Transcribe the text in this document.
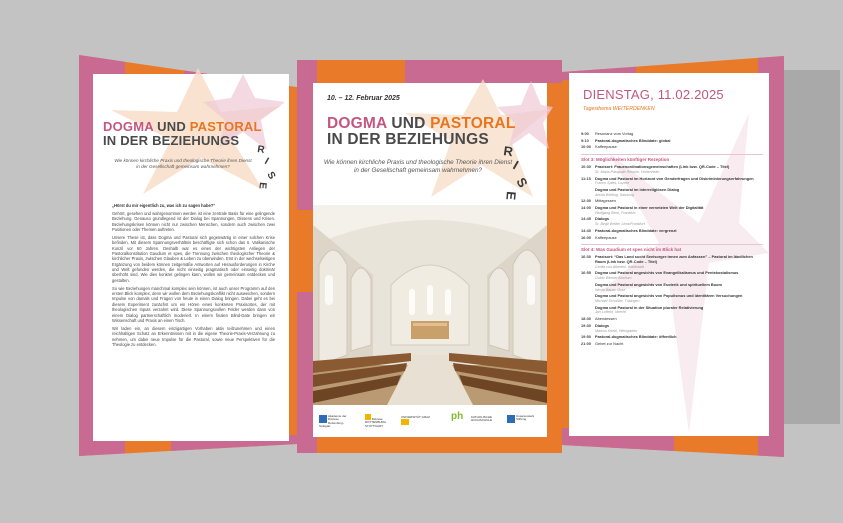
DOGMA UND PASTORAL
IN DER BEZIEHUNGS
R
I
S
E
Wie können kirchliche Praxis und theologische Theorie ihren Dienst in der Gesellschaft gemeinsam wahrnehmen?

„Hörst du mir eigentlich zu, was ich zu sagen habe?“

Gehört, gesehen und wahrgenommen werden ist eine zentrale Basis für eine gelingende Beziehung. Genauso grundlegend ist der Dialog bei Spannungen, Dissens und Krisen. Beziehungskrisen können nicht nur zwischen Menschen, sondern auch zwischen zwei Positionen oder Themen auftreten.

Unsere These ist, dass Dogma und Pastoral sich gegenwärtig in einer solchen Krise befinden. Mit diesem Spannungsverhältnis beschäftigte sich schon das II. Vatikanische Konzil vor 60 Jahren. Deshalb war es eines der wichtigsten Anliegen der Pastoralkonstitution Gaudium et spes, die Trennung zwischen theologischer Theorie & kirchlicher Praxis, zwischen Glauben & Leben zu überwinden. Erst in der wechselseitigen Ergänzung von beidem können zeitgemäße Antworten auf Herausforderungen in Kirche und Welt gefunden werden, die nicht einseitig pragmatisch oder einseitig doktrinär überhöht sind. Wie dies konkret gelingen kann, wollen wir gemeinsam entdecken und gestalten.

So wie Beziehungen manchmal komplex sein können, ist auch unser Programm auf den ersten Blick komplex, denn wir wollen dem Beziehungskonflikt nicht ausweichen, sondern Impulse von damals und Fragen von heute in einen Dialog bringen. Dabei geht es bei diesem Experiment zunächst um ein Hören eines konkreten Praxisortes, der mit theologischen Inputs verzahnt wird. Diese Spannungsvollen Felder werden dann von einem Dialog partnerschaftlich moderiert. In einem finalen Blind-Date bringen wir Wissenschaft und Praxis an einen Tisch.

Wir laden ein, an diesem einzigartigen Vorhaben aktiv teilzunehmen und einen reichhaltigen Schatz an Erkenntnissen mit in die eigene Theorie-Praxis-Verzahnung zu nehmen, um dabei neue Impulse für die Pastoral, sowie neue Perspektiven für die Theologie zu entdecken.

10. – 12. Februar 2025
DOGMA UND PASTORAL
IN DER BEZIEHUNGS
R
I
S
E
Wie können kirchliche Praxis und theologische Theorie ihren Dienst in der Gesellschaft gemeinsam wahrnehmen?
Akademie der Diözese Rottenburg-Stuttgart
Diözese ROTTENBURG STUTTGART
UNIVERSITÄT GRAZ ph	KATHOLISCHE HOCHSCHULE
Cusanuswerk Stiftung
DIENSTAG, 11.02.2025
Tagesthema WEITERDENKEN
9:00	Resonanz vom Vortag
9:10	Pastoral-dogmatisches Blinddate: global
10:00	Kaffeepause
Slot 3: Möglichkeiten künftiger Rezeption
10:30	Praxisort: Frauenordinationsgemeinschaften (Link bzw. QR-Code – Titel)
Sr. Maria-Pasquale Reunke, Hohenheim
11:15	Dogma und Pastoral im Horizont von Genderfragen und Diskriminierungserfahrungen
Franco Spies, Luzern
Dogma und Pastoral im interreligiösen Dialog
Alexia Wirtling, Salzburg
12:30	Mittagessen
14:00	Dogma und Pastoral in einer vernetzten Welt der Digitalität
Wolfgang Beck, Frankfurt
14:45	Dialogs
Sr. Birgit Weiler, Lima/Frankfurt
14:40	Pastoral-dogmatisches Blinddate: vergrenzt
16:00	Kaffeepause
Slot 4: Was Gaudium et spes nicht im Blick hat
16:30	Praxisort: “Das Land sucht Seelsorger:innen zum Anfassen” – Pastoral im ländlichen Raum (Link bzw. QR-Code – Titel)
Cerilia von Albertini, Waldstadt
16:55	Dogma und Pastoral angesichts von Evangelikalismus und Pentekostalismus
Guido Werner Bochum
Dogma und Pastoral angesichts von Esoterik und spirituellem Boom
Nicole Bauer, Graz
Dogma und Pastoral angesichts von Populismus und identitären Versuchungen
Michael Schüßler, Tübingen
Dogma und Pastoral in der Situation pluraler Relativierung
Jan Loffeld, Utrecht
18:30	Abendessen
19:30	Dialogs
Markus Knebl, Weingarten
19:50	Pastoral-dogmatisches Blinddate: öffentlich
21:00	Gebet zur Nacht
